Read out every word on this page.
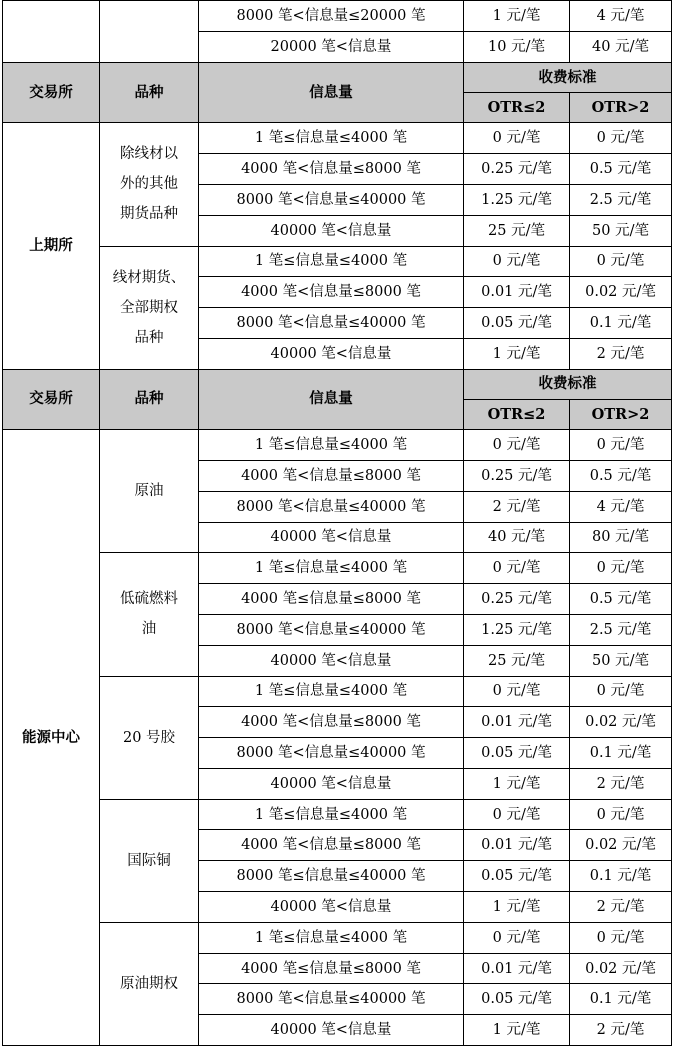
		8000 笔<信息量≤20000 笔	1 元/笔	4 元/笔
		20000 笔<信息量	10 元/笔	40 元/笔
交易所	品种	信息量	收费标准	
			OTR≤2	OTR>2
上期所	除线材以
外的其他
期货品种	1 笔≤信息量≤4000 笔	0 元/笔	0 元/笔
		4000 笔<信息量≤8000 笔	0.25 元/笔	0.5 元/笔
		8000 笔<信息量≤40000 笔	1.25 元/笔	2.5 元/笔
		40000 笔<信息量	25 元/笔	50 元/笔

	线材期货、
全部期权
品种	1 笔≤信息量≤4000 笔	0 元/笔	0 元/笔
		4000 笔<信息量≤8000 笔	0.01 元/笔	0.02 元/笔
		8000 笔<信息量≤40000 笔	0.05 元/笔	0.1 元/笔
		40000 笔<信息量	1 元/笔	2 元/笔
交易所	品种	信息量	收费标准	
			OTR≤2	OTR>2
能源中心	原油	1 笔≤信息量≤4000 笔	0 元/笔	0 元/笔
		4000 笔<信息量≤8000 笔	0.25 元/笔	0.5 元/笔
		8000 笔<信息量≤40000 笔	2 元/笔	4 元/笔
		40000 笔<信息量	40 元/笔	80 元/笔

	低硫燃料
油	1 笔≤信息量≤4000 笔	0 元/笔	0 元/笔
		4000 笔≤信息量≤8000 笔	0.25 元/笔	0.5 元/笔
		8000 笔<信息量≤40000 笔	1.25 元/笔	2.5 元/笔
		40000 笔<信息量	25 元/笔	50 元/笔

	20 号胶	1 笔≤信息量≤4000 笔	0 元/笔	0 元/笔
		4000 笔<信息量≤8000 笔	0.01 元/笔	0.02 元/笔
		8000 笔<信息量≤40000 笔	0.05 元/笔	0.1 元/笔
		40000 笔<信息量	1 元/笔	2 元/笔

	国际铜	1 笔≤信息量≤4000 笔	0 元/笔	0 元/笔
		4000 笔<信息量≤8000 笔	0.01 元/笔	0.02 元/笔
		8000 笔≤信息量≤40000 笔	0.05 元/笔	0.1 元/笔
		40000 笔<信息量	1 元/笔	2 元/笔

	原油期权	1 笔≤信息量≤4000 笔	0 元/笔	0 元/笔
		4000 笔≤信息量≤8000 笔	0.01 元/笔	0.02 元/笔
		8000 笔<信息量≤40000 笔	0.05 元/笔	0.1 元/笔
		40000 笔<信息量	1 元/笔	2 元/笔
